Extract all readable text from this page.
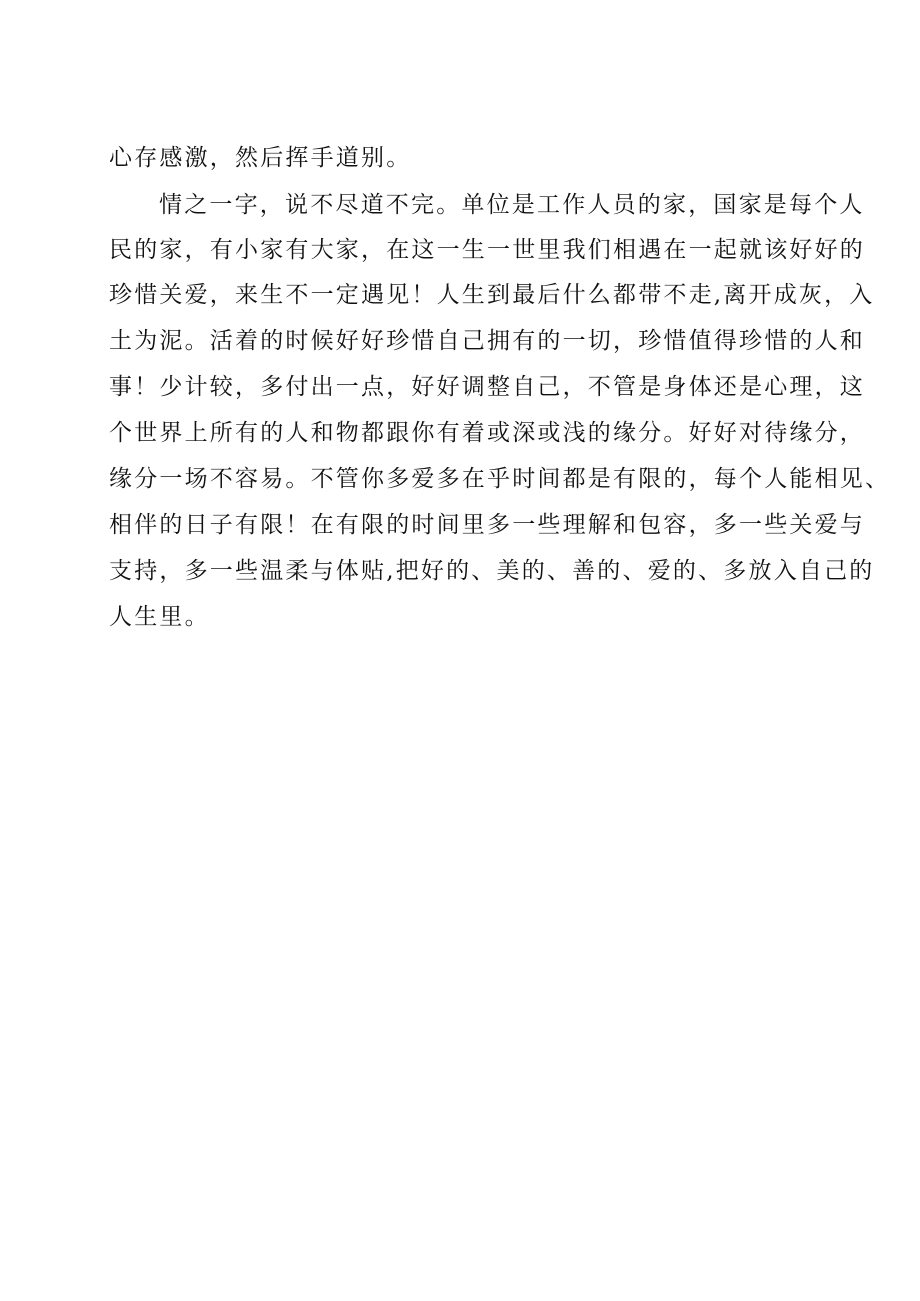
心存感激，然后挥手道别。
情之一字，说不尽道不完。单位是工作人员的家，国家是每个人
民的家，有小家有大家，在这一生一世里我们相遇在一起就该好好的
珍惜关爱，来生不一定遇见！人生到最后什么都带不走,离开成灰，入
土为泥。活着的时候好好珍惜自己拥有的一切，珍惜值得珍惜的人和
事！少计较，多付出一点，好好调整自己，不管是身体还是心理，这
个世界上所有的人和物都跟你有着或深或浅的缘分。好好对待缘分，
缘分一场不容易。不管你多爱多在乎时间都是有限的，每个人能相见、
相伴的日子有限！在有限的时间里多一些理解和包容，多一些关爱与
支持，多一些温柔与体贴,把好的、美的、善的、爱的、多放入自己的
人生里。
